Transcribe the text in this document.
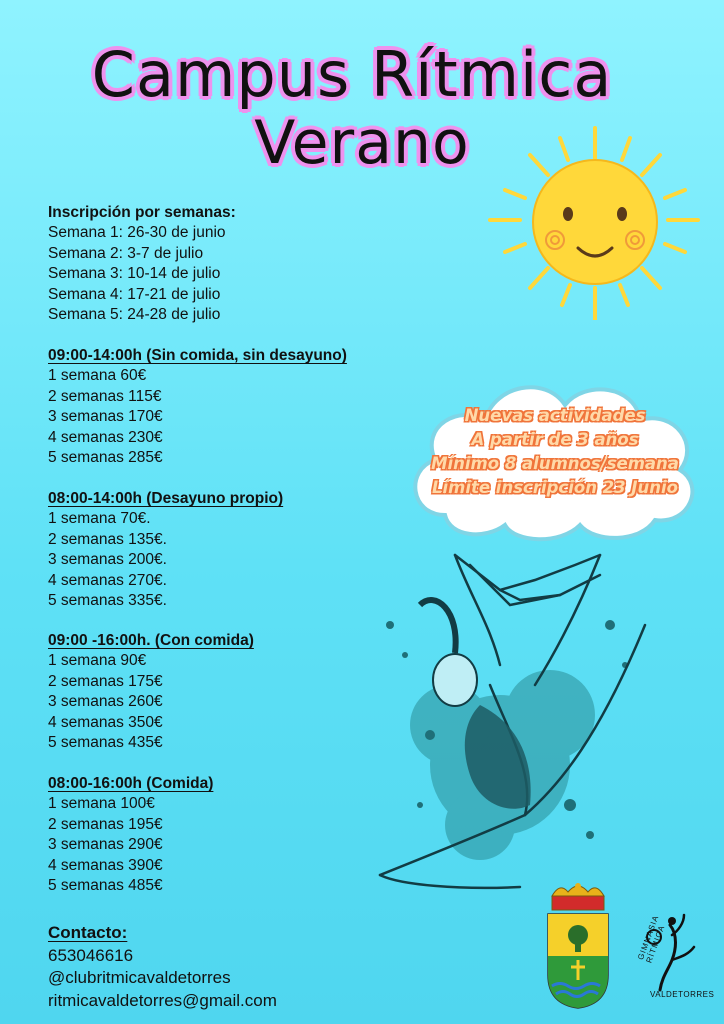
Campus Rítmica
Verano
Nuevas actividades
A partir de 3 años
Mínimo 8 alumnos/semana
Límite inscripción 23 Junio
Inscripción por semanas:
Semana 1: 26-30 de junio
Semana 2: 3-7 de julio
Semana 3: 10-14 de julio
Semana 4: 17-21 de julio
Semana 5: 24-28 de julio
09:00-14:00h (Sin comida, sin desayuno)
1 semana 60€
2 semanas 115€
3 semanas 170€
4 semanas 230€
5 semanas 285€
08:00-14:00h (Desayuno propio)
1 semana 70€.
2 semanas 135€.
3 semanas 200€.
4 semanas 270€.
5 semanas 335€.
09:00 -16:00h. (Con comida)
1 semana 90€
2 semanas 175€
3 semanas 260€
4 semanas 350€
5 semanas 435€
08:00-16:00h (Comida)
1 semana 100€
2 semanas 195€
3 semanas 290€
4 semanas 390€
5 semanas 485€
Contacto:
653046616
@clubritmicavaldetorres
ritmicavaldetorres@gmail.com
GIMNASIA RÍTMICA
VALDETORRES
